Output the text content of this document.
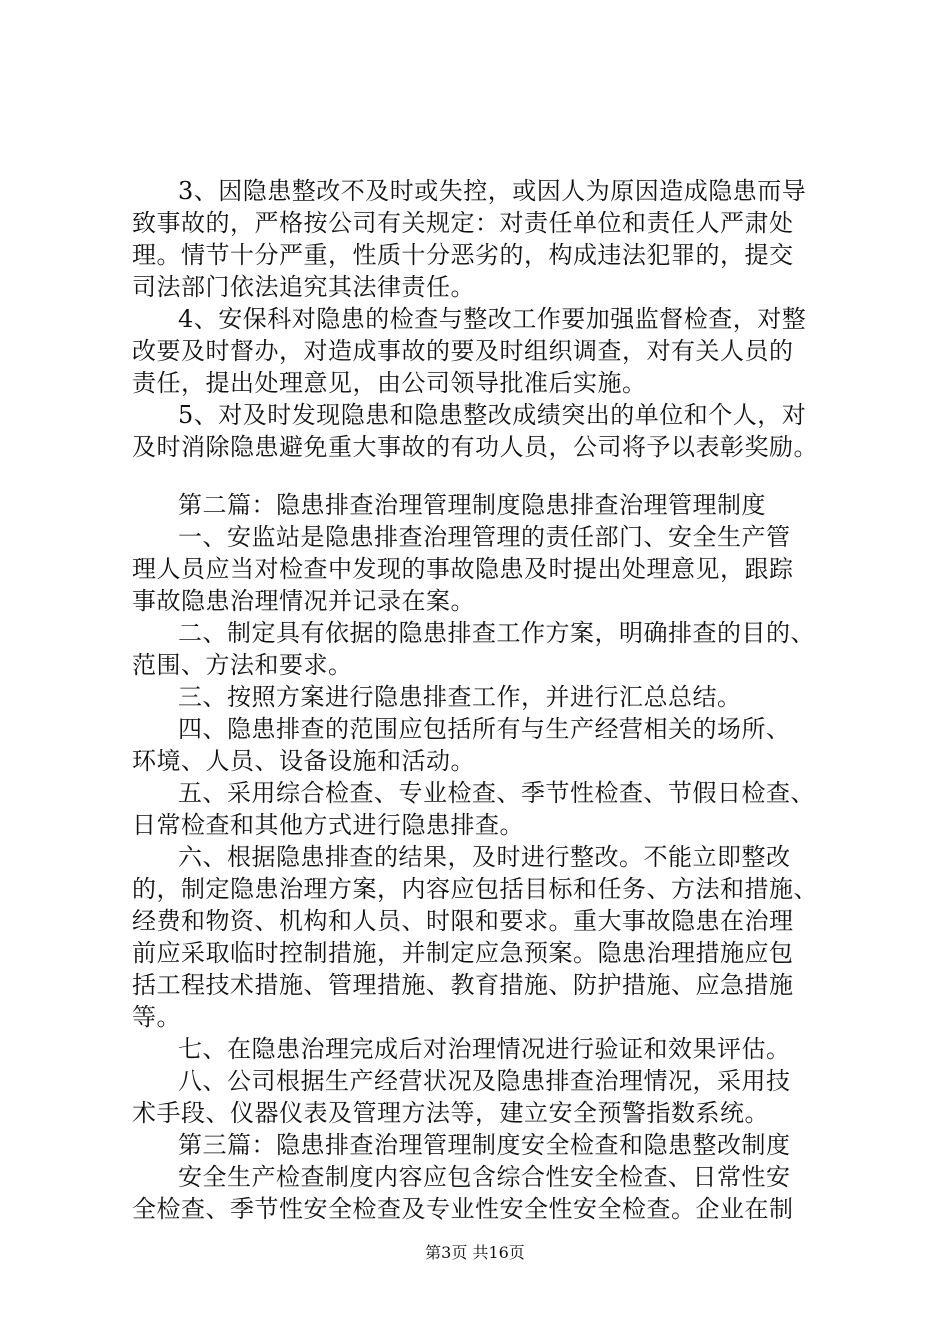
3、因隐患整改不及时或失控，或因人为原因造成隐患而导
致事故的，严格按公司有关规定：对责任单位和责任人严肃处
理。情节十分严重，性质十分恶劣的，构成违法犯罪的，提交
司法部门依法追究其法律责任。
4、安保科对隐患的检查与整改工作要加强监督检查，对整
改要及时督办，对造成事故的要及时组织调查，对有关人员的
责任，提出处理意见，由公司领导批准后实施。
5、对及时发现隐患和隐患整改成绩突出的单位和个人，对
及时消除隐患避免重大事故的有功人员，公司将予以表彰奖励。
第二篇：隐患排查治理管理制度隐患排查治理管理制度
一、安监站是隐患排查治理管理的责任部门、安全生产管
理人员应当对检查中发现的事故隐患及时提出处理意见，跟踪
事故隐患治理情况并记录在案。
二、制定具有依据的隐患排查工作方案，明确排查的目的、
范围、方法和要求。
三、按照方案进行隐患排查工作，并进行汇总总结。
四、隐患排查的范围应包括所有与生产经营相关的场所、
环境、人员、设备设施和活动。
五、采用综合检查、专业检查、季节性检查、节假日检查、
日常检查和其他方式进行隐患排查。
六、根据隐患排查的结果，及时进行整改。不能立即整改
的，制定隐患治理方案，内容应包括目标和任务、方法和措施、
经费和物资、机构和人员、时限和要求。重大事故隐患在治理
前应采取临时控制措施，并制定应急预案。隐患治理措施应包
括工程技术措施、管理措施、教育措施、防护措施、应急措施
等。
七、在隐患治理完成后对治理情况进行验证和效果评估。
八、公司根据生产经营状况及隐患排查治理情况，采用技
术手段、仪器仪表及管理方法等，建立安全预警指数系统。
第三篇：隐患排查治理管理制度安全检查和隐患整改制度
安全生产检查制度内容应包含综合性安全检查、日常性安
全检查、季节性安全检查及专业性安全性安全检查。企业在制
第3页 共16页
